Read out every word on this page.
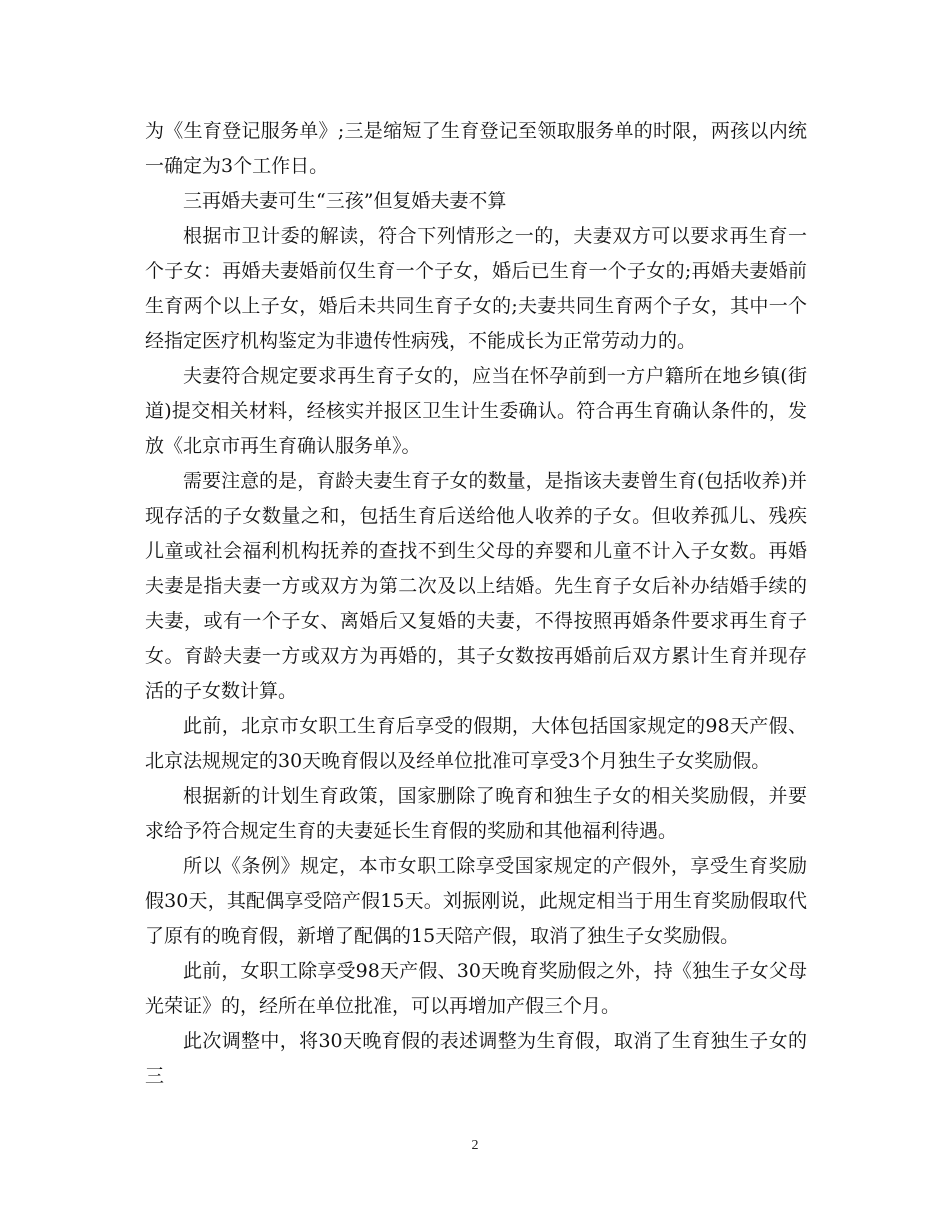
为《生育登记服务单》;三是缩短了生育登记至领取服务单的时限，两孩以内统一确定为3个工作日。

三再婚夫妻可生“三孩”但复婚夫妻不算

根据市卫计委的解读，符合下列情形之一的，夫妻双方可以要求再生育一个子女：再婚夫妻婚前仅生育一个子女，婚后已生育一个子女的;再婚夫妻婚前生育两个以上子女，婚后未共同生育子女的;夫妻共同生育两个子女，其中一个经指定医疗机构鉴定为非遗传性病残，不能成长为正常劳动力的。

夫妻符合规定要求再生育子女的，应当在怀孕前到一方户籍所在地乡镇(街道)提交相关材料，经核实并报区卫生计生委确认。符合再生育确认条件的，发放《北京市再生育确认服务单》。

需要注意的是，育龄夫妻生育子女的数量，是指该夫妻曾生育(包括收养)并现存活的子女数量之和，包括生育后送给他人收养的子女。但收养孤儿、残疾儿童或社会福利机构抚养的查找不到生父母的弃婴和儿童不计入子女数。再婚夫妻是指夫妻一方或双方为第二次及以上结婚。先生育子女后补办结婚手续的夫妻，或有一个子女、离婚后又复婚的夫妻，不得按照再婚条件要求再生育子女。育龄夫妻一方或双方为再婚的，其子女数按再婚前后双方累计生育并现存活的子女数计算。

此前，北京市女职工生育后享受的假期，大体包括国家规定的98天产假、北京法规规定的30天晚育假以及经单位批准可享受3个月独生子女奖励假。

根据新的计划生育政策，国家删除了晚育和独生子女的相关奖励假，并要求给予符合规定生育的夫妻延长生育假的奖励和其他福利待遇。

所以《条例》规定，本市女职工除享受国家规定的产假外，享受生育奖励假30天，其配偶享受陪产假15天。刘振刚说，此规定相当于用生育奖励假取代了原有的晚育假，新增了配偶的15天陪产假，取消了独生子女奖励假。

此前，女职工除享受98天产假、30天晚育奖励假之外，持《独生子女父母光荣证》的，经所在单位批准，可以再增加产假三个月。

此次调整中，将30天晚育假的表述调整为生育假，取消了生育独生子女的三

2
